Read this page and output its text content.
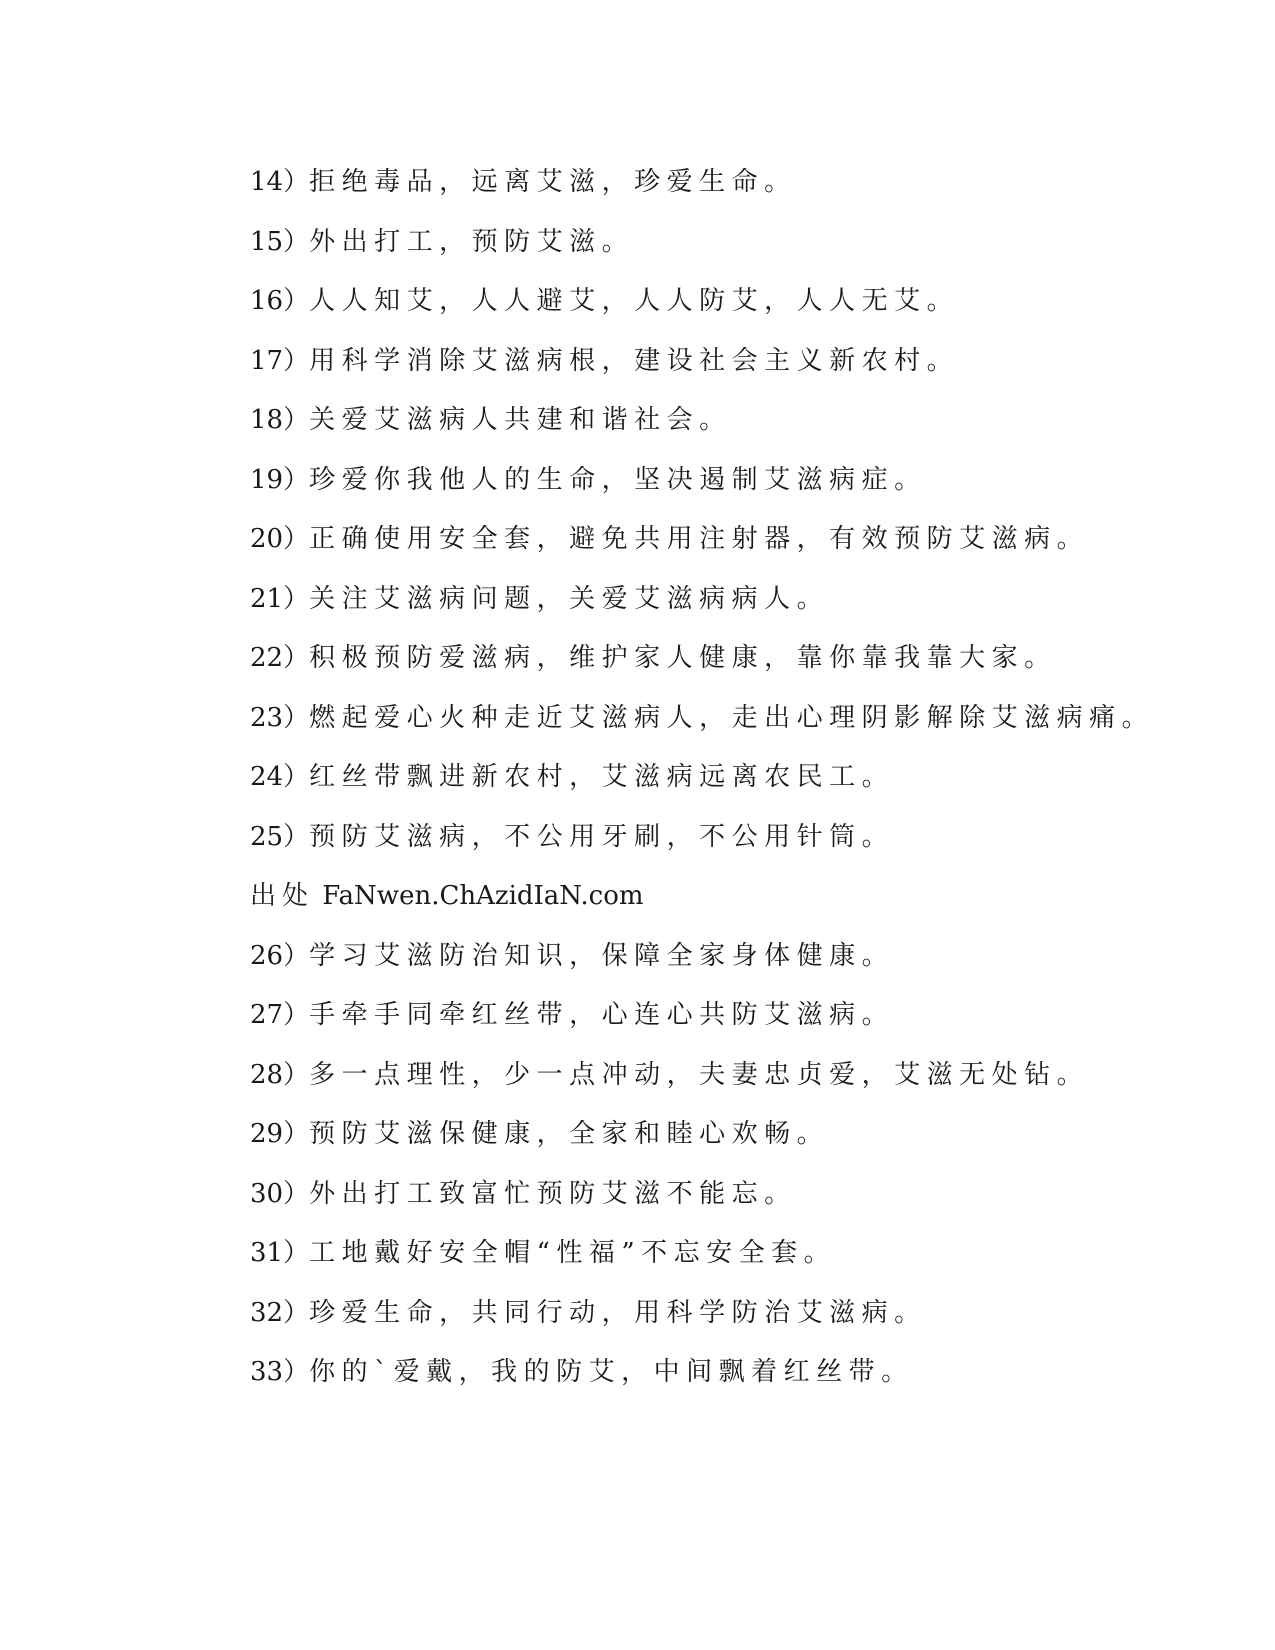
14）拒绝毒品，远离艾滋，珍爱生命。
15）外出打工，预防艾滋。
16）人人知艾，人人避艾，人人防艾，人人无艾。
17）用科学消除艾滋病根，建设社会主义新农村。
18）关爱艾滋病人共建和谐社会。
19）珍爱你我他人的生命，坚决遏制艾滋病症。
20）正确使用安全套，避免共用注射器，有效预防艾滋病。
21）关注艾滋病问题，关爱艾滋病病人。
22）积极预防爱滋病，维护家人健康，靠你靠我靠大家。
23）燃起爱心火种走近艾滋病人，走出心理阴影解除艾滋病痛。
24）红丝带飘进新农村，艾滋病远离农民工。
25）预防艾滋病，不公用牙刷，不公用针筒。
出处 FaNwen.ChAzidIaN.com
26）学习艾滋防治知识，保障全家身体健康。
27）手牵手同牵红丝带，心连心共防艾滋病。
28）多一点理性，少一点冲动，夫妻忠贞爱，艾滋无处钻。
29）预防艾滋保健康，全家和睦心欢畅。
30）外出打工致富忙预防艾滋不能忘。
31）工地戴好安全帽“性福”不忘安全套。
32）珍爱生命，共同行动，用科学防治艾滋病。
33）你的`爱戴，我的防艾，中间飘着红丝带。
